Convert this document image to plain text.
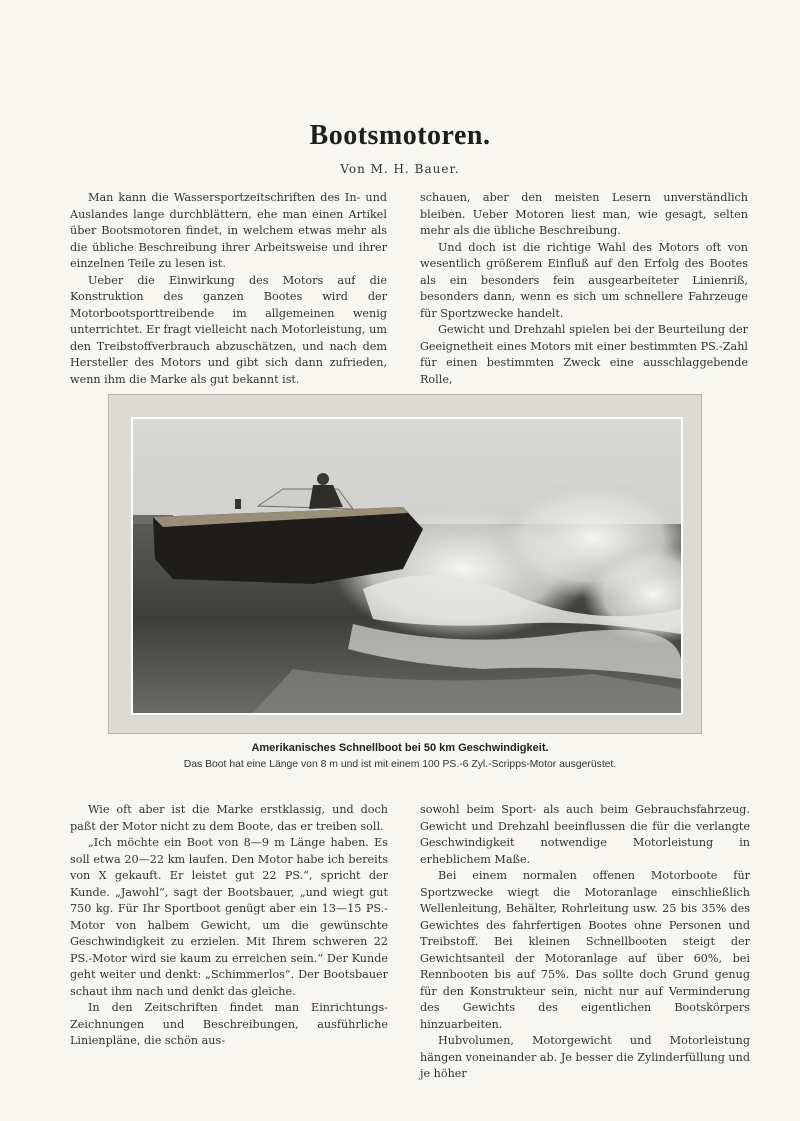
Bootsmotoren.
Von M. H. Bauer.

Man kann die Wassersportzeitschriften des In- und Auslandes lange durchblättern, ehe man einen Artikel über Bootsmotoren findet, in welchem etwas mehr als die übliche Beschreibung ihrer Arbeitsweise und ihrer einzelnen Teile zu lesen ist.

Ueber die Einwirkung des Motors auf die Konstruktion des ganzen Bootes wird der Motorbootsporttreibende im allgemeinen wenig unterrichtet. Er fragt vielleicht nach Motorleistung, um den Treibstoffverbrauch abzuschätzen, und nach dem Hersteller des Motors und gibt sich dann zufrieden, wenn ihm die Marke als gut bekannt ist.

schauen, aber den meisten Lesern unverständlich bleiben. Ueber Motoren liest man, wie gesagt, selten mehr als die übliche Beschreibung.

Und doch ist die richtige Wahl des Motors oft von wesentlich größerem Einfluß auf den Erfolg des Bootes als ein besonders fein ausgearbeiteter Linienriß, besonders dann, wenn es sich um schnellere Fahrzeuge für Sportzwecke handelt.

Gewicht und Drehzahl spielen bei der Beurteilung der Geeignetheit eines Motors mit einer bestimmten PS.-Zahl für einen bestimmten Zweck eine ausschlaggebende Rolle,

Amerikanisches Schnellboot bei 50 km Geschwindigkeit.
Das Boot hat eine Länge von 8 m und ist mit einem 100 PS.-6 Zyl.-Scripps-Motor ausgerüstet.

Wie oft aber ist die Marke erstklassig, und doch paßt der Motor nicht zu dem Boote, das er treiben soll.

„Ich möchte ein Boot von 8—9 m Länge haben. Es soll etwa 20—22 km laufen. Den Motor habe ich bereits von X gekauft. Er leistet gut 22 PS.“, spricht der Kunde. „Jawohl“, sagt der Bootsbauer, „und wiegt gut 750 kg. Für Ihr Sportboot genügt aber ein 13—15 PS.-Motor von halbem Gewicht, um die gewünschte Geschwindigkeit zu erzielen. Mit Ihrem schweren 22 PS.-Motor wird sie kaum zu erreichen sein.“ Der Kunde geht weiter und denkt: „Schimmerlos“. Der Bootsbauer schaut ihm nach und denkt das gleiche.

In den Zeitschriften findet man Einrichtungs-Zeichnungen und Beschreibungen, ausführliche Linienpläne, die schön aus-

sowohl beim Sport- als auch beim Gebrauchsfahrzeug. Gewicht und Drehzahl beeinflussen die für die verlangte Geschwindigkeit notwendige Motorleistung in erheblichem Maße.

Bei einem normalen offenen Motorboote für Sportzwecke wiegt die Motoranlage einschließlich Wellenleitung, Behälter, Rohrleitung usw. 25 bis 35% des Gewichtes des fahrfertigen Bootes ohne Personen und Treibstoff. Bei kleinen Schnellbooten steigt der Gewichtsanteil der Motoranlage auf über 60%, bei Rennbooten bis auf 75%. Das sollte doch Grund genug für den Konstrukteur sein, nicht nur auf Verminderung des Gewichts des eigentlichen Bootskörpers hinzuarbeiten.

Hubvolumen, Motorgewicht und Motorleistung hängen voneinander ab. Je besser die Zylinderfüllung und je höher
